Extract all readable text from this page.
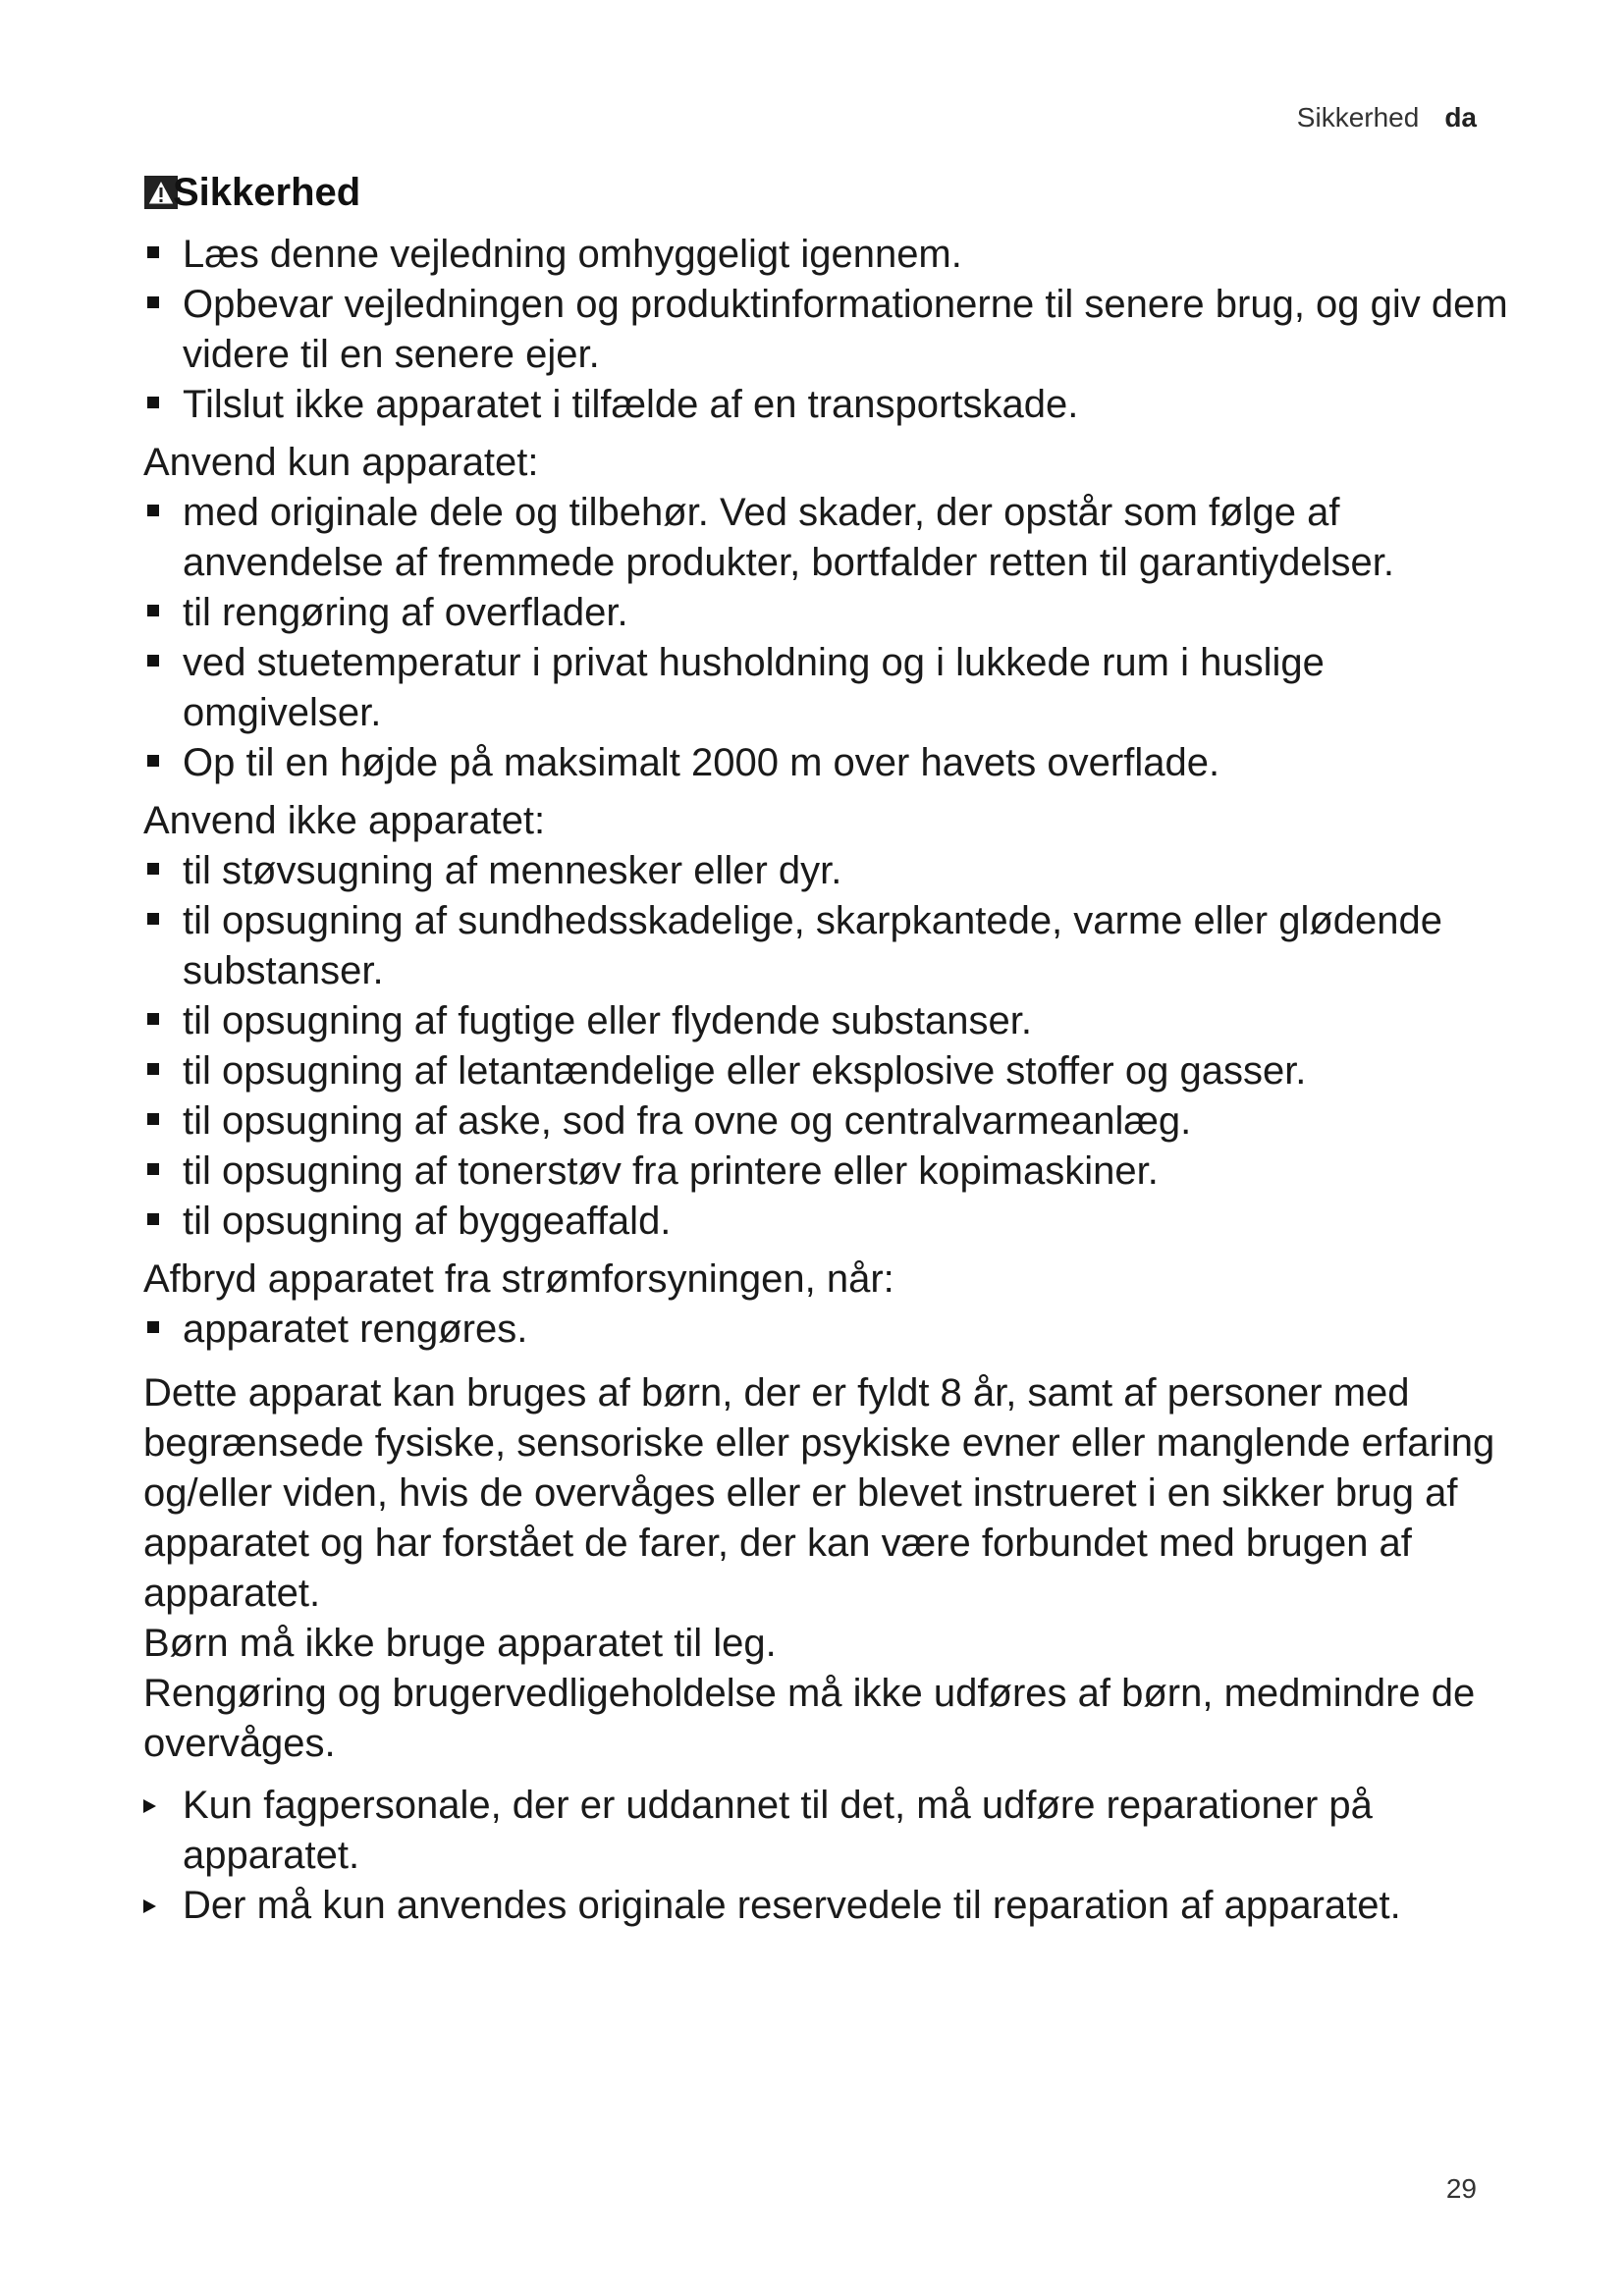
Sikkerhed da
Sikkerhed
Læs denne vejledning omhyggeligt igennem.
Opbevar vejledningen og produktinformationerne til senere brug, og giv dem videre til en senere ejer.
Tilslut ikke apparatet i tilfælde af en transportskade.

Anvend kun apparatet:

med originale dele og tilbehør. Ved skader, der opstår som følge af anvendelse af fremmede produkter, bortfalder retten til garantiydelser.
til rengøring af overflader.
ved stuetemperatur i privat husholdning og i lukkede rum i huslige omgivelser.
Op til en højde på maksimalt 2000 m over havets overflade.

Anvend ikke apparatet:

til støvsugning af mennesker eller dyr.
til opsugning af sundhedsskadelige, skarpkantede, varme eller glødende substanser.
til opsugning af fugtige eller flydende substanser.
til opsugning af letantændelige eller eksplosive stoffer og gasser.
til opsugning af aske, sod fra ovne og centralvarmeanlæg.
til opsugning af tonerstøv fra printere eller kopimaskiner.
til opsugning af byggeaffald.

Afbryd apparatet fra strømforsyningen, når:

apparatet rengøres.

Dette apparat kan bruges af børn, der er fyldt 8 år, samt af personer med begrænsede fysiske, sensoriske eller psykiske evner eller manglende erfaring og/eller viden, hvis de overvåges eller er blevet instrueret i en sikker brug af apparatet og har forstået de farer, der kan være forbundet med brugen af apparatet.

Børn må ikke bruge apparatet til leg.

Rengøring og brugervedligeholdelse må ikke udføres af børn, medmindre de overvåges.

Kun fagpersonale, der er uddannet til det, må udføre reparationer på apparatet.
Der må kun anvendes originale reservedele til reparation af apparatet.
29
